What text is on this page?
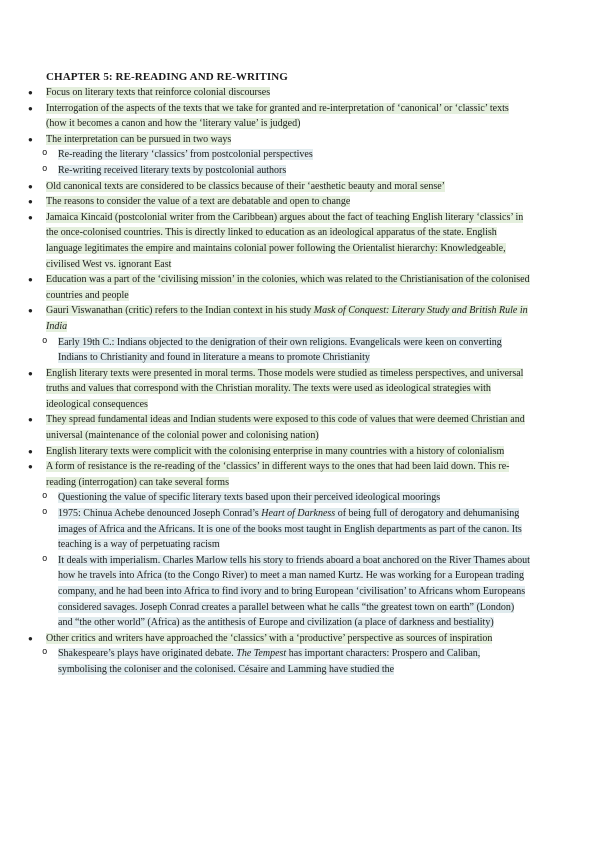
CHAPTER 5: RE-READING AND RE-WRITING
● Focus on literary texts that reinforce colonial discourses
● Interrogation of the aspects of the texts that we take for granted and re-interpretation of ‘canonical’ or ‘classic’ texts (how it becomes a canon and how the ‘literary value’ is judged)
● The interpretation can be pursued in two ways
o Re-reading the literary ‘classics’ from postcolonial perspectives
o Re-writing received literary texts by postcolonial authors
● Old canonical texts are considered to be classics because of their ‘aesthetic beauty and moral sense’
● The reasons to consider the value of a text are debatable and open to change
● Jamaica Kincaid (postcolonial writer from the Caribbean) argues about the fact of teaching English literary ‘classics’ in the once-colonised countries. This is directly linked to education as an ideological apparatus of the state. English language legitimates the empire and maintains colonial power following the Orientalist hierarchy: Knowledgeable, civilised West vs. ignorant East
● Education was a part of the ‘civilising mission’ in the colonies, which was related to the Christianisation of the colonised countries and people
● Gauri Viswanathan (critic) refers to the Indian context in his study Mask of Conquest: Literary Study and British Rule in India
o Early 19th C.: Indians objected to the denigration of their own religions. Evangelicals were keen on converting Indians to Christianity and found in literature a means to promote Christianity
● English literary texts were presented in moral terms. Those models were studied as timeless perspectives, and universal truths and values that correspond with the Christian morality. The texts were used as ideological strategies with ideological consequences
● They spread fundamental ideas and Indian students were exposed to this code of values that were deemed Christian and universal (maintenance of the colonial power and colonising nation)
● English literary texts were complicit with the colonising enterprise in many countries with a history of colonialism
● A form of resistance is the re-reading of the ‘classics’ in different ways to the ones that had been laid down. This re-reading (interrogation) can take several forms
o Questioning the value of specific literary texts based upon their perceived ideological moorings
o 1975: Chinua Achebe denounced Joseph Conrad’s Heart of Darkness of being full of derogatory and dehumanising images of Africa and the Africans. It is one of the books most taught in English departments as part of the canon. Its teaching is a way of perpetuating racism
o It deals with imperialism. Charles Marlow tells his story to friends aboard a boat anchored on the River Thames about how he travels into Africa (to the Congo River) to meet a man named Kurtz. He was working for a European trading company, and he had been into Africa to find ivory and to bring European ‘civilisation’ to Africans whom Europeans considered savages. Joseph Conrad creates a parallel between what he calls “the greatest town on earth” (London) and “the other world” (Africa) as the antithesis of Europe and civilization (a place of darkness and bestiality)
● Other critics and writers have approached the ‘classics’ with a ‘productive’ perspective as sources of inspiration
o Shakespeare’s plays have originated debate. The Tempest has important characters: Prospero and Caliban, symbolising the coloniser and the colonised. Césaire and Lamming have studied the
